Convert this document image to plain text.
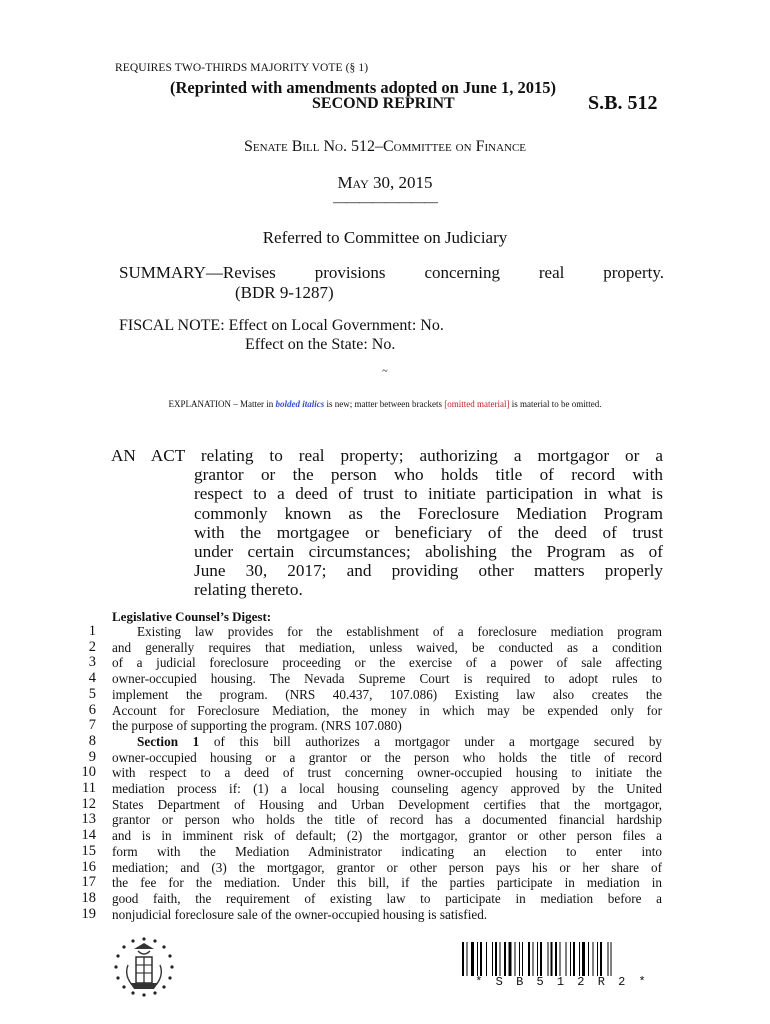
REQUIRES TWO-THIRDS MAJORITY VOTE (§ 1)
(Reprinted with amendments adopted on June 1, 2015)
SECOND REPRINT	S.B. 512
Senate Bill No. 512–Committee on Finance
May 30, 2015
————————
Referred to Committee on Judiciary
SUMMARY—Revises provisions concerning real property.
(BDR 9-1287)
FISCAL NOTE: Effect on Local Government: No.
Effect on the State: No.
~
EXPLANATION – Matter in bolded italics is new; matter between brackets [omitted material] is material to be omitted.
AN ACT relating to real property; authorizing a mortgagor or a
grantor or the person who holds title of record with
respect to a deed of trust to initiate participation in what is
commonly known as the Foreclosure Mediation Program
with the mortgagee or beneficiary of the deed of trust
under certain circumstances; abolishing the Program as of
June 30, 2017; and providing other matters properly
relating thereto.
Legislative Counsel’s Digest:
1
2
3
4
5
6
7
8
9
10
11
12
13
14
15
16
17
18
19
Existing law provides for the establishment of a foreclosure mediation program
and generally requires that mediation, unless waived, be conducted as a condition
of a judicial foreclosure proceeding or the exercise of a power of sale affecting
owner-occupied housing. The Nevada Supreme Court is required to adopt rules to
implement the program. (NRS 40.437, 107.086) Existing law also creates the
Account for Foreclosure Mediation, the money in which may be expended only for
the purpose of supporting the program. (NRS 107.080)
Section 1 of this bill authorizes a mortgagor under a mortgage secured by
owner-occupied housing or a grantor or the person who holds the title of record
with respect to a deed of trust concerning owner-occupied housing to initiate the
mediation process if: (1) a local housing counseling agency approved by the United
States Department of Housing and Urban Development certifies that the mortgagor,
grantor or person who holds the title of record has a documented financial hardship
and is in imminent risk of default; (2) the mortgagor, grantor or other person files a
form with the Mediation Administrator indicating an election to enter into
mediation; and (3) the mortgagor, grantor or other person pays his or her share of
the fee for the mediation. Under this bill, if the parties participate in mediation in
good faith, the requirement of existing law to participate in mediation before a
nonjudicial foreclosure sale of the owner-occupied housing is satisfied.
* S B 5 1 2 R 2 *
